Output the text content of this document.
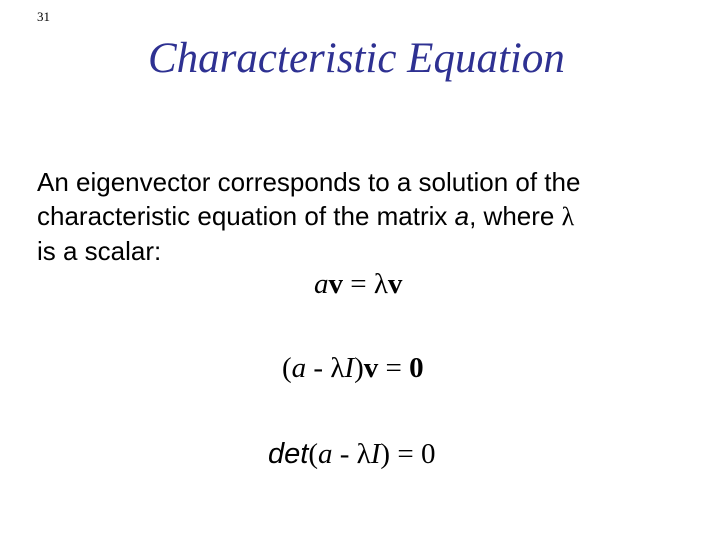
31
Characteristic Equation
An eigenvector corresponds to a solution of the
characteristic equation of the matrix a, where λ
is a scalar:
av = λv
(a - λI)v = 0
det(a - λI) = 0
